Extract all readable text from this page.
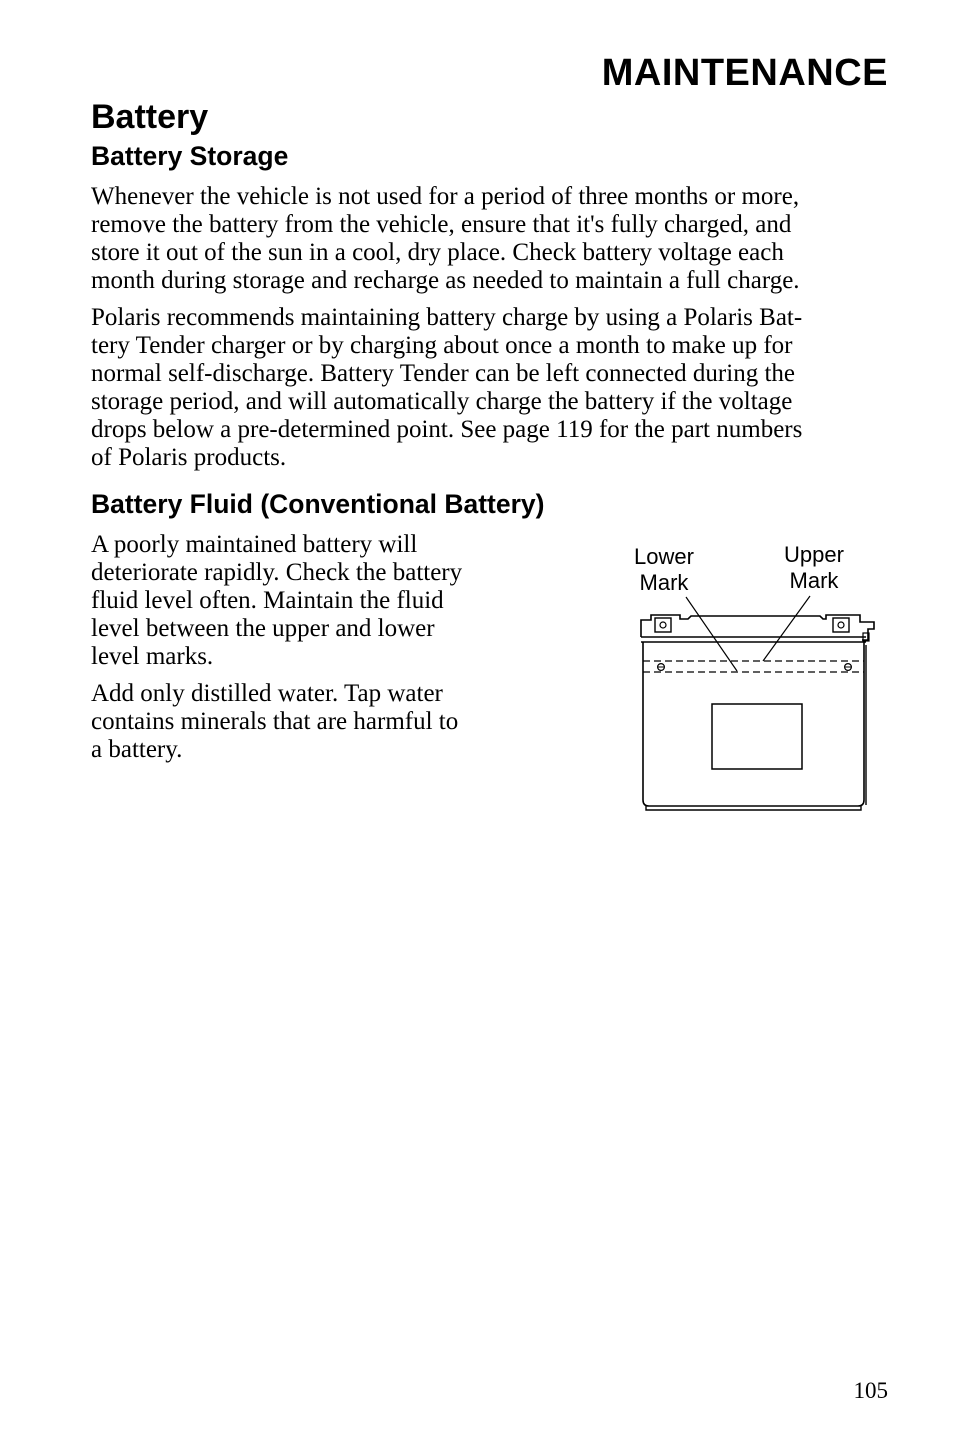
MAINTENANCE
Battery
Battery Storage

Whenever the vehicle is not used for a period of three months or more,
remove the battery from the vehicle, ensure that it's fully charged, and
store it out of the sun in a cool, dry place. Check battery voltage each
month during storage and recharge as needed to maintain a full charge.

Polaris recommends maintaining battery charge by using a Polaris Bat-
tery Tender charger or by charging about once a month to make up for
normal self-discharge. Battery Tender can be left connected during the
storage period, and will automatically charge the battery if the voltage
drops below a pre-determined point. See page 119 for the part numbers
of Polaris products.

Battery Fluid (Conventional Battery)

A poorly maintained battery will
deteriorate rapidly. Check the battery
fluid level often. Maintain the fluid
level between the upper and lower
level marks.

Add only distilled water. Tap water
contains minerals that are harmful to
a battery.

Lower
Mark
Upper
Mark
105
